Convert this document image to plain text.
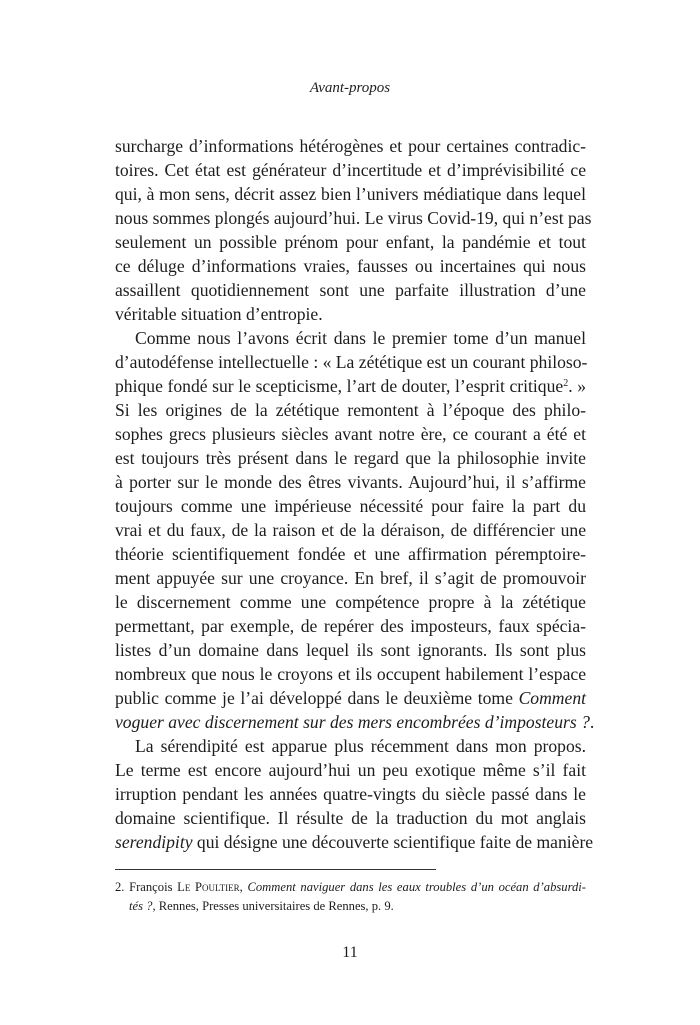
Avant-propos
surcharge d’informations hétérogènes et pour certaines contradic-
toires. Cet état est générateur d’incertitude et d’imprévisibilité ce
qui, à mon sens, décrit assez bien l’univers médiatique dans lequel
nous sommes plongés aujourd’hui. Le virus Covid-19, qui n’est pas
seulement un possible prénom pour enfant, la pandémie et tout
ce déluge d’informations vraies, fausses ou incertaines qui nous
assaillent quotidiennement sont une parfaite illustration d’une
véritable situation d’entropie.
Comme nous l’avons écrit dans le premier tome d’un manuel
d’autodéfense intellectuelle : « La zététique est un courant philoso-
phique fondé sur le scepticisme, l’art de douter, l’esprit critique$^2$. »
Si les origines de la zététique remontent à l’époque des philo-
sophes grecs plusieurs siècles avant notre ère, ce courant a été et
est toujours très présent dans le regard que la philosophie invite
à porter sur le monde des êtres vivants. Aujourd’hui, il s’affirme
toujours comme une impérieuse nécessité pour faire la part du
vrai et du faux, de la raison et de la déraison, de différencier une
théorie scientifiquement fondée et une affirmation péremptoire-
ment appuyée sur une croyance. En bref, il s’agit de promouvoir
le discernement comme une compétence propre à la zététique
permettant, par exemple, de repérer des imposteurs, faux spécia-
listes d’un domaine dans lequel ils sont ignorants. Ils sont plus
nombreux que nous le croyons et ils occupent habilement l’espace
public comme je l’ai développé dans le deuxième tome Comment
voguer avec discernement sur des mers encombrées d’imposteurs ?.
La sérendipité est apparue plus récemment dans mon propos.
Le terme est encore aujourd’hui un peu exotique même s’il fait
irruption pendant les années quatre-vingts du siècle passé dans le
domaine scientifique. Il résulte de la traduction du mot anglais
serendipity qui désigne une découverte scientifique faite de manière
2. François Le Poultier, Comment naviguer dans les eaux troubles d’un océan d’absurdi-
tés ?, Rennes, Presses universitaires de Rennes, p. 9.
11
